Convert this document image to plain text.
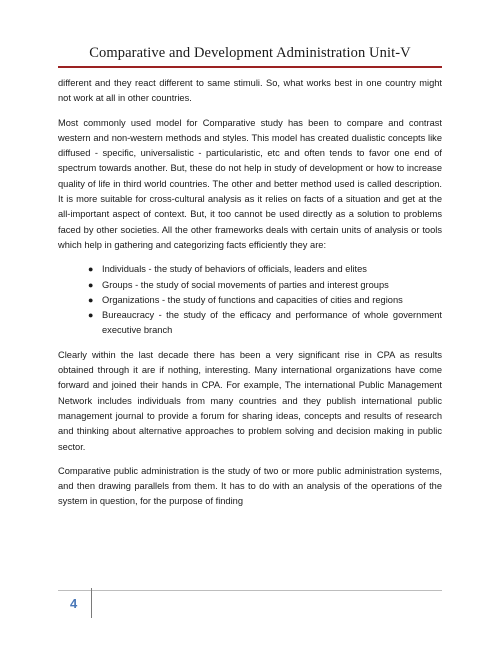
Comparative and Development Administration Unit-V

different and they react different to same stimuli. So, what works best in one country might not work at all in other countries.

Most commonly used model for Comparative study has been to compare and contrast western and non-western methods and styles. This model has created dualistic concepts like diffused - specific, universalistic - particularistic, etc and often tends to favor one end of spectrum towards another. But, these do not help in study of development or how to increase quality of life in third world countries. The other and better method used is called description. It is more suitable for cross-cultural analysis as it relies on facts of a situation and get at the all-important aspect of context. But, it too cannot be used directly as a solution to problems faced by other societies. All the other frameworks deals with certain units of analysis or tools which help in gathering and categorizing facts efficiently they are:

● Individuals - the study of behaviors of officials, leaders and elites
● Groups - the study of social movements of parties and interest groups
● Organizations - the study of functions and capacities of cities and regions
● Bureaucracy - the study of the efficacy and performance of whole government executive branch

Clearly within the last decade there has been a very significant rise in CPA as results obtained through it are if nothing, interesting. Many international organizations have come forward and joined their hands in CPA. For example, The international Public Management Network includes individuals from many countries and they publish international public management journal to provide a forum for sharing ideas, concepts and results of research and thinking about alternative approaches to problem solving and decision making in public sector.

Comparative public administration is the study of two or more public administration systems, and then drawing parallels from them. It has to do with an analysis of the operations of the system in question, for the purpose of finding

4
